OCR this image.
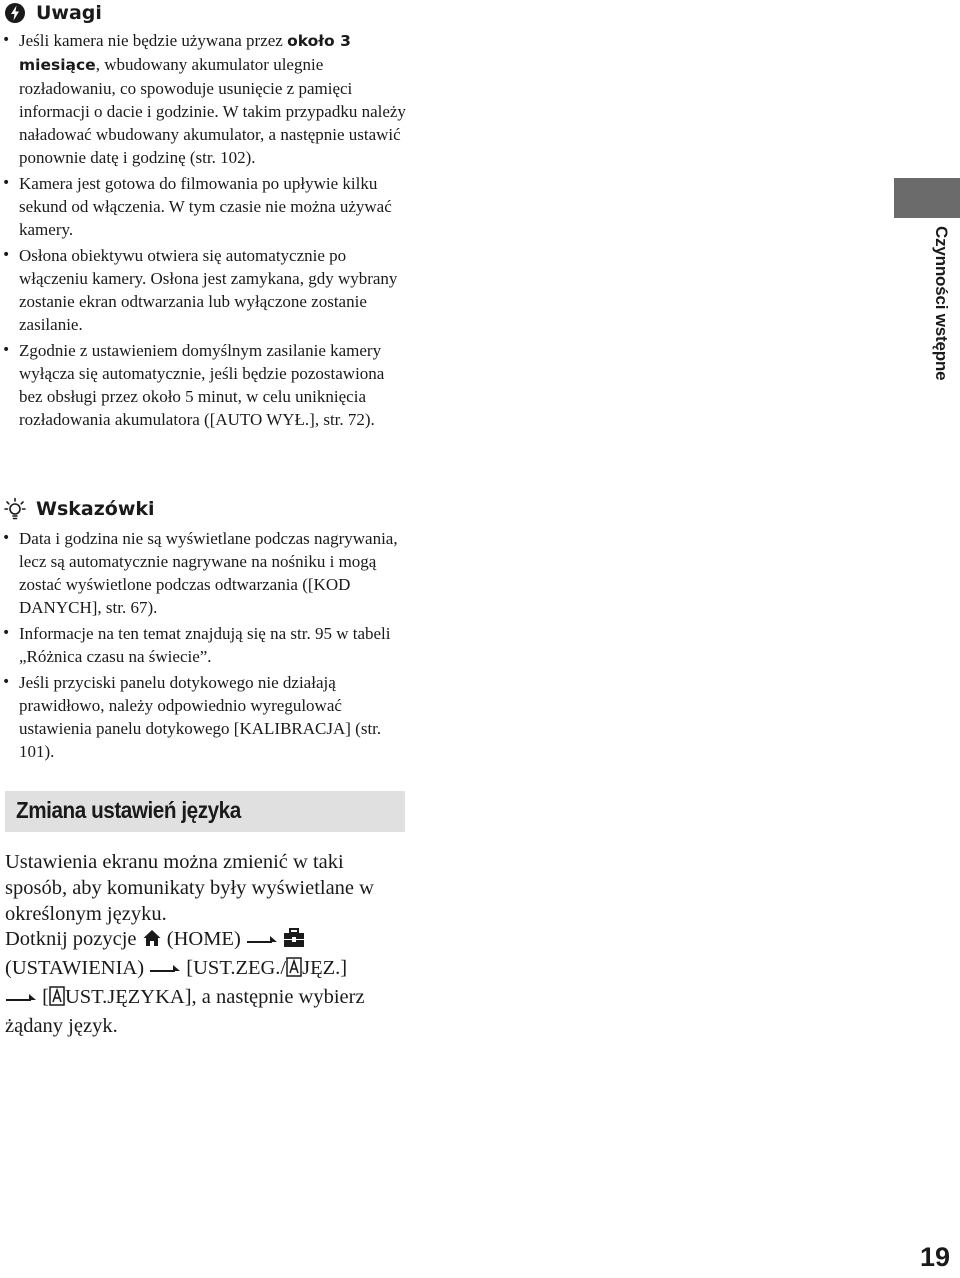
Uwagi
• Jeśli kamera nie będzie używana przez około 3 miesiące, wbudowany akumulator ulegnie rozładowaniu, co spowoduje usunięcie z pamięci informacji o dacie i godzinie. W takim przypadku należy naładować wbudowany akumulator, a następnie ustawić ponownie datę i godzinę (str. 102).
• Kamera jest gotowa do filmowania po upływie kilku sekund od włączenia. W tym czasie nie można używać kamery.
• Osłona obiektywu otwiera się automatycznie po włączeniu kamery. Osłona jest zamykana, gdy wybrany zostanie ekran odtwarzania lub wyłączone zostanie zasilanie.
• Zgodnie z ustawieniem domyślnym zasilanie kamery wyłącza się automatycznie, jeśli będzie pozostawiona bez obsługi przez około 5 minut, w celu uniknięcia rozładowania akumulatora ([AUTO WYŁ.], str. 72).
Wskazówki
• Data i godzina nie są wyświetlane podczas nagrywania, lecz są automatycznie nagrywane na nośniku i mogą zostać wyświetlone podczas odtwarzania ([KOD DANYCH], str. 67).
• Informacje na ten temat znajdują się na str. 95 w tabeli „Różnica czasu na świecie”.
• Jeśli przyciski panelu dotykowego nie działają prawidłowo, należy odpowiednio wyregulować ustawienia panelu dotykowego [KALIBRACJA] (str. 101).
Zmiana ustawień języka

Ustawienia ekranu można zmienić w taki sposób, aby komunikaty były wyświetlane w określonym języku.

Dotknij pozycje (HOME)
(USTAWIENIA) [UST.ZEG./ JĘZ.]
[ UST.JĘZYKA], a następnie wybierz żądany język.

Czynności wstępne
19
